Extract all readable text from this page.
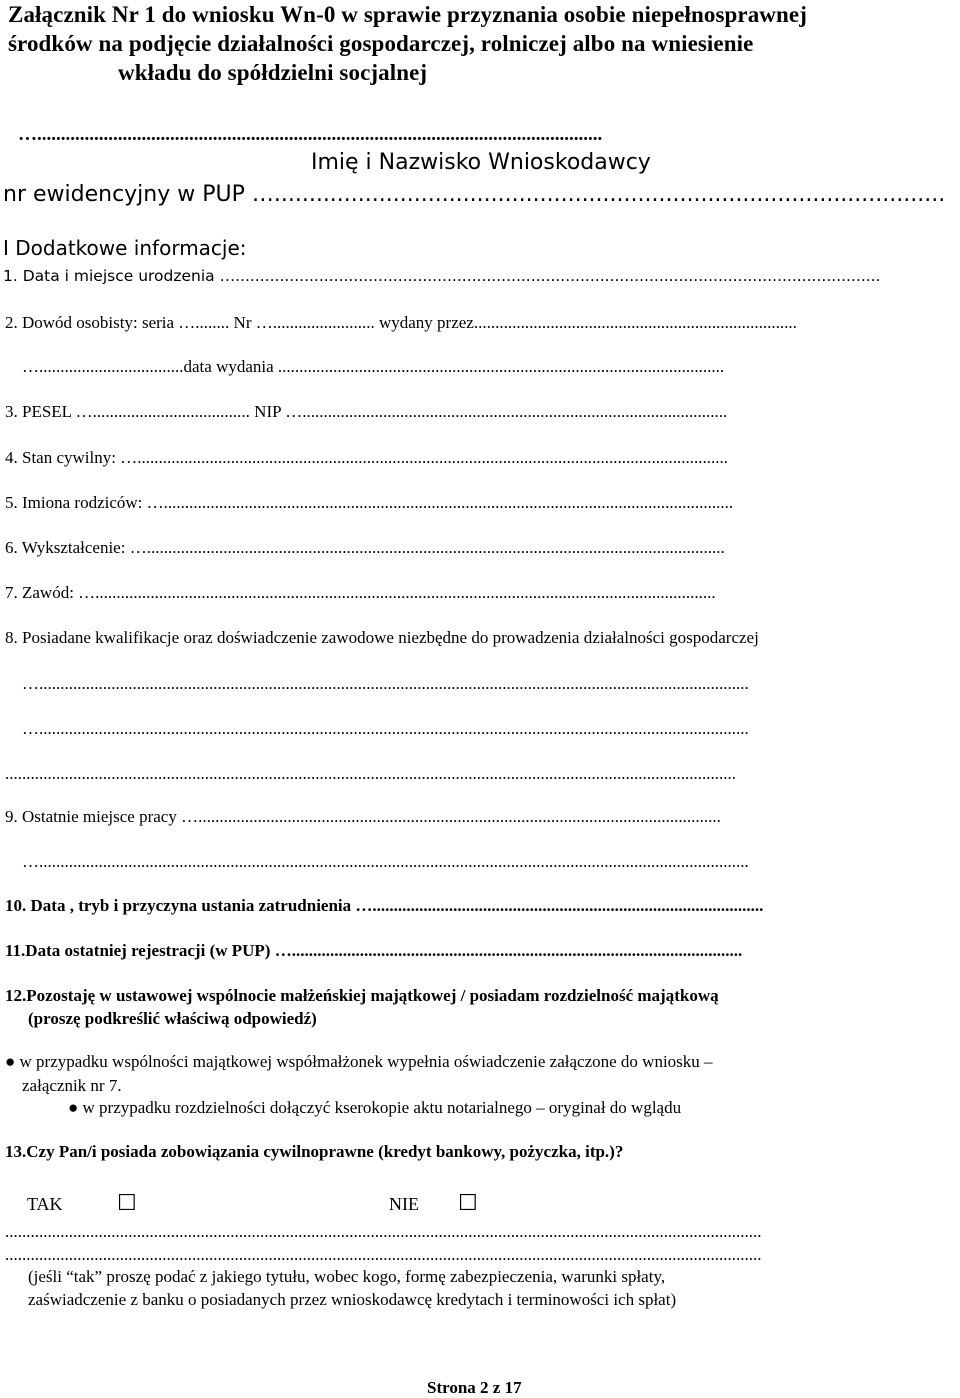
Załącznik Nr 1 do wniosku Wn-0 w sprawie przyznania osobie niepełnosprawnej
środków na podjęcie działalności gospodarczej, rolniczej albo na wniesienie
wkładu do spółdzielni socjalnej
….......................................................................................................................
Imię i Nazwisko Wnioskodawcy
nr ewidencyjny w PUP …................................................................................................
I Dodatkowe informacje:
1. Data i miejsce urodzenia …...................................................................................................................................
2. Dowód osobisty: seria …........ Nr …........................ wydany przez............................................................................
…..................................data wydania .........................................................................................................
3. PESEL …..................................... NIP …....................................................................................................
4. Stan cywilny: …...........................................................................................................................................
5. Imiona rodziców: …......................................................................................................................................
6. Wykształcenie: …........................................................................................................................................
7. Zawód: …..................................................................................................................................................
8. Posiadane kwalifikacje oraz doświadczenie zawodowe niezbędne do prowadzenia działalności gospodarczej
….......................................................................................................................................................................
….......................................................................................................................................................................
............................................................................................................................................................................
9. Ostatnie miejsce pracy …...........................................................................................................................
….......................................................................................................................................................................
10. Data , tryb i przyczyna ustania zatrudnienia …............................................................................................
11.Data ostatniej rejestracji (w PUP) …..........................................................................................................
12.Pozostaję w ustawowej wspólnocie małżeńskiej majątkowej / posiadam rozdzielność majątkową
(proszę podkreślić właściwą odpowiedź)
● w przypadku wspólności majątkowej współmałżonek wypełnia oświadczenie załączone do wniosku –
załącznik nr 7.
● w przypadku rozdzielności dołączyć kserokopie aktu notarialnego – oryginał do wglądu
13.Czy Pan/i posiada zobowiązania cywilnoprawne (kredyt bankowy, pożyczka, itp.)?
TAK ☐	NIE ☐
..................................................................................................................................................................................
..................................................................................................................................................................................
(jeśli “tak” proszę podać z jakiego tytułu, wobec kogo, formę zabezpieczenia, warunki spłaty,
zaświadczenie z banku o posiadanych przez wnioskodawcę kredytach i terminowości ich spłat)
Strona 2 z 17
